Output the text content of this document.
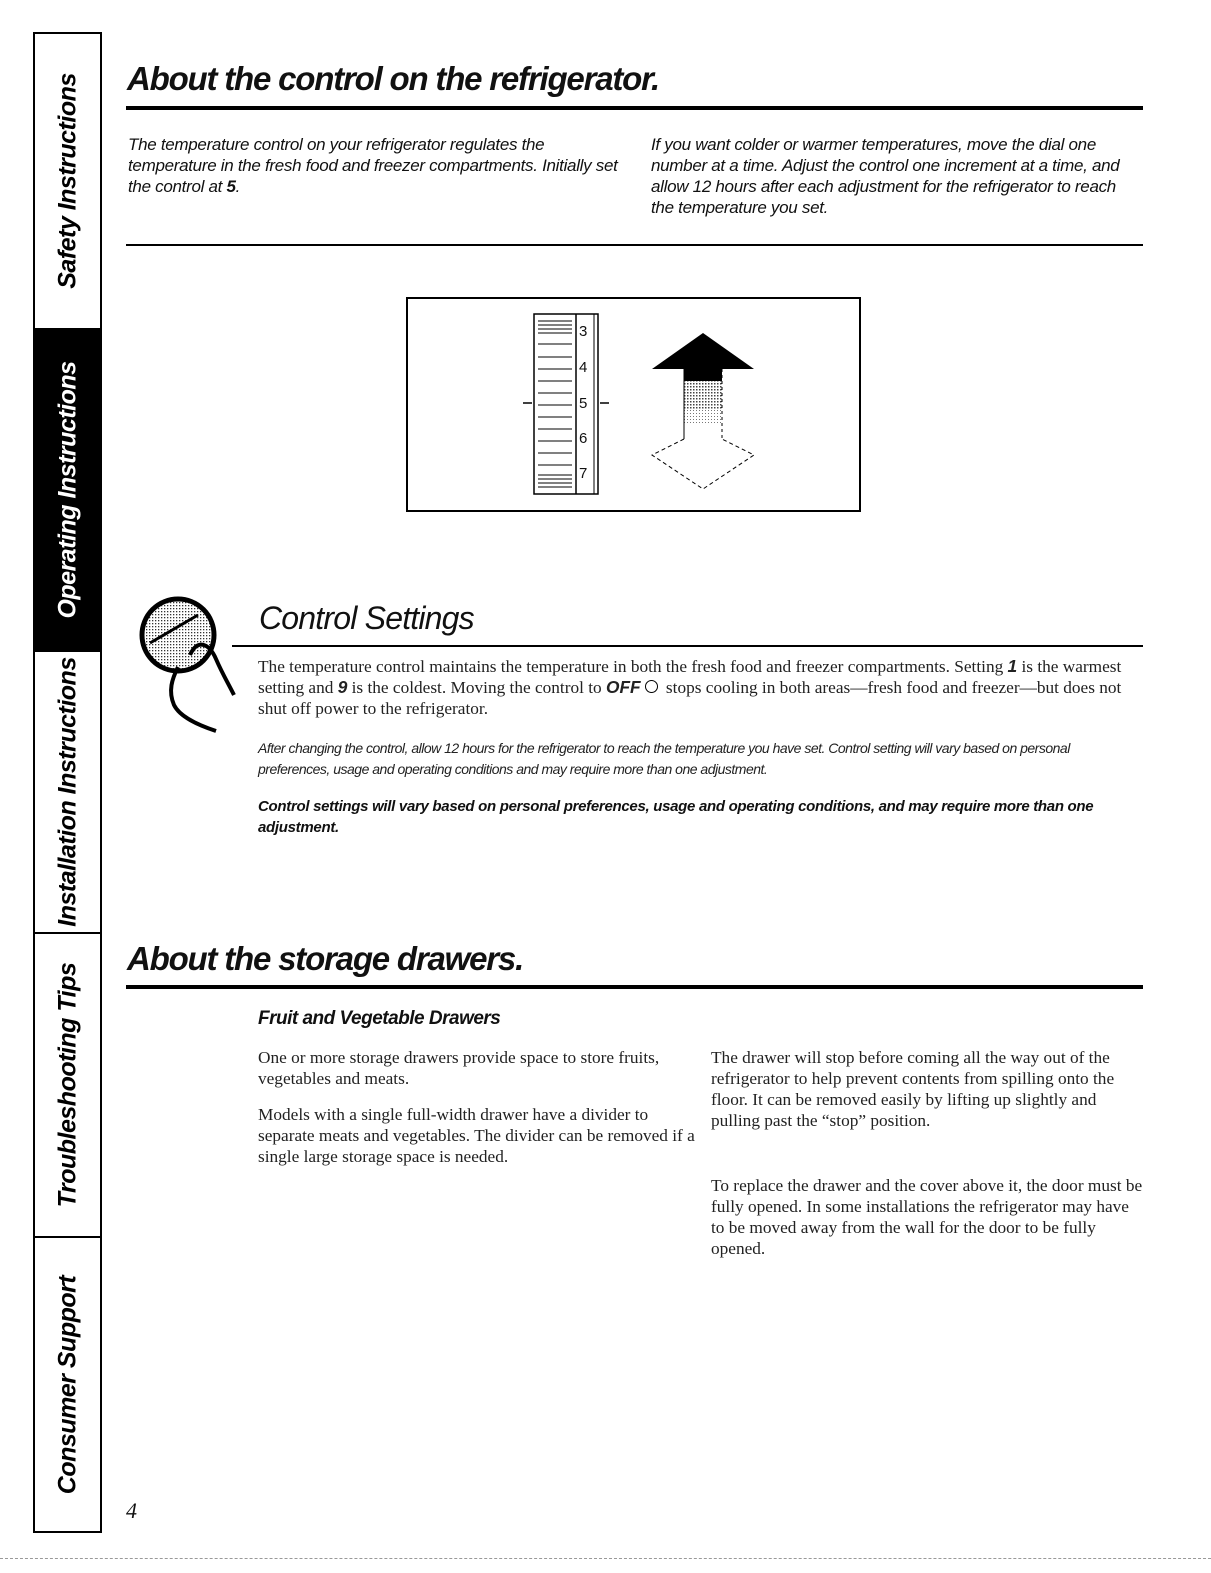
Safety Instructions
Operating Instructions
Installation Instructions
Troubleshooting Tips
Consumer Support
About the control on the refrigerator.

The temperature control on your refrigerator regulates the temperature in the fresh food and freezer compartments. Initially set the control at 5.

If you want colder or warmer temperatures, move the dial one number at a time. Adjust the control one increment at a time, and allow 12 hours after each adjustment for the refrigerator to reach the temperature you set.

3
4
5
6
7
Control Settings

The temperature control maintains the temperature in both the fresh food and freezer compartments. Setting 1 is the warmest setting and 9 is the coldest. Moving the control to OFF stops cooling in both areas—fresh food and freezer—but does not shut off power to the refrigerator.

After changing the control, allow 12 hours for the refrigerator to reach the temperature you have set. Control setting will vary based on personal preferences, usage and operating conditions and may require more than one adjustment.

Control settings will vary based on personal preferences, usage and operating conditions, and may require more than one adjustment.

About the storage drawers.
Fruit and Vegetable Drawers

One or more storage drawers provide space to store fruits, vegetables and meats.

Models with a single full-width drawer have a divider to separate meats and vegetables. The divider can be removed if a single large storage space is needed.

The drawer will stop before coming all the way out of the refrigerator to help prevent contents from spilling onto the floor. It can be removed easily by lifting up slightly and pulling past the “stop” position.

To replace the drawer and the cover above it, the door must be fully opened. In some installations the refrigerator may have to be moved away from the wall for the door to be fully opened.

4
